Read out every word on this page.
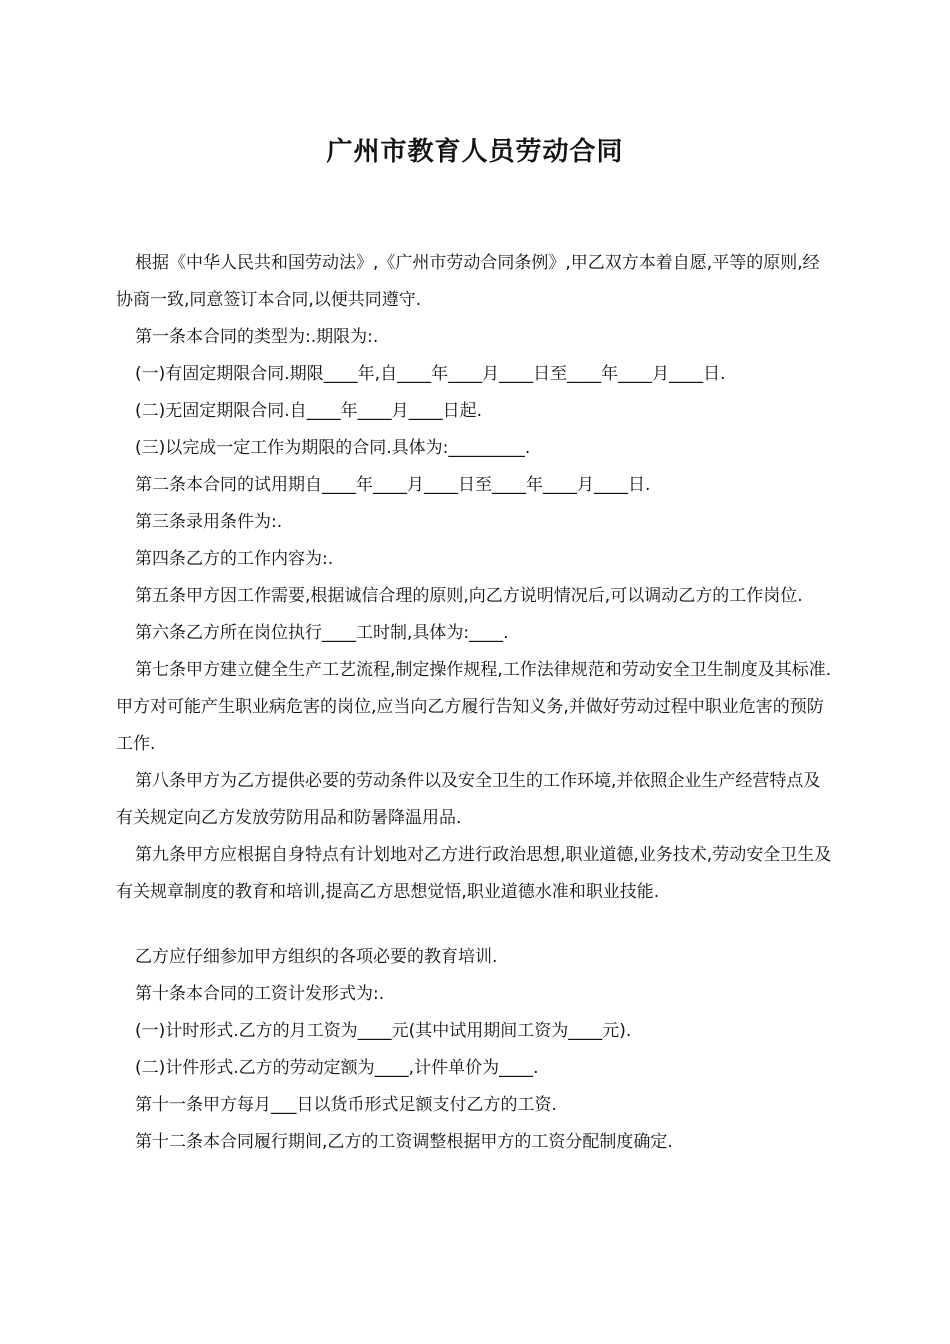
广州市教育人员劳动合同

根据《中华人民共和国劳动法》,《广州市劳动合同条例》,甲乙双方本着自愿,平等的原则,经协商一致,同意签订本合同,以便共同遵守.

第一条本合同的类型为:.期限为:.

(一)有固定期限合同.期限____年,自____年____月____日至____年____月____日.

(二)无固定期限合同.自____年____月____日起.

(三)以完成一定工作为期限的合同.具体为:_________.

第二条本合同的试用期自____年____月____日至____年____月____日.

第三条录用条件为:.

第四条乙方的工作内容为:.

第五条甲方因工作需要,根据诚信合理的原则,向乙方说明情况后,可以调动乙方的工作岗位.

第六条乙方所在岗位执行____工时制,具体为:____.

第七条甲方建立健全生产工艺流程,制定操作规程,工作法律规范和劳动安全卫生制度及其标准.甲方对可能产生职业病危害的岗位,应当向乙方履行告知义务,并做好劳动过程中职业危害的预防工作.

第八条甲方为乙方提供必要的劳动条件以及安全卫生的工作环境,并依照企业生产经营特点及有关规定向乙方发放劳防用品和防暑降温用品.

第九条甲方应根据自身特点有计划地对乙方进行政治思想,职业道德,业务技术,劳动安全卫生及有关规章制度的教育和培训,提高乙方思想觉悟,职业道德水准和职业技能.

乙方应仔细参加甲方组织的各项必要的教育培训.

第十条本合同的工资计发形式为:.

(一)计时形式.乙方的月工资为____元(其中试用期间工资为____元).

(二)计件形式.乙方的劳动定额为____,计件单价为____.

第十一条甲方每月___日以货币形式足额支付乙方的工资.

第十二条本合同履行期间,乙方的工资调整根据甲方的工资分配制度确定.
